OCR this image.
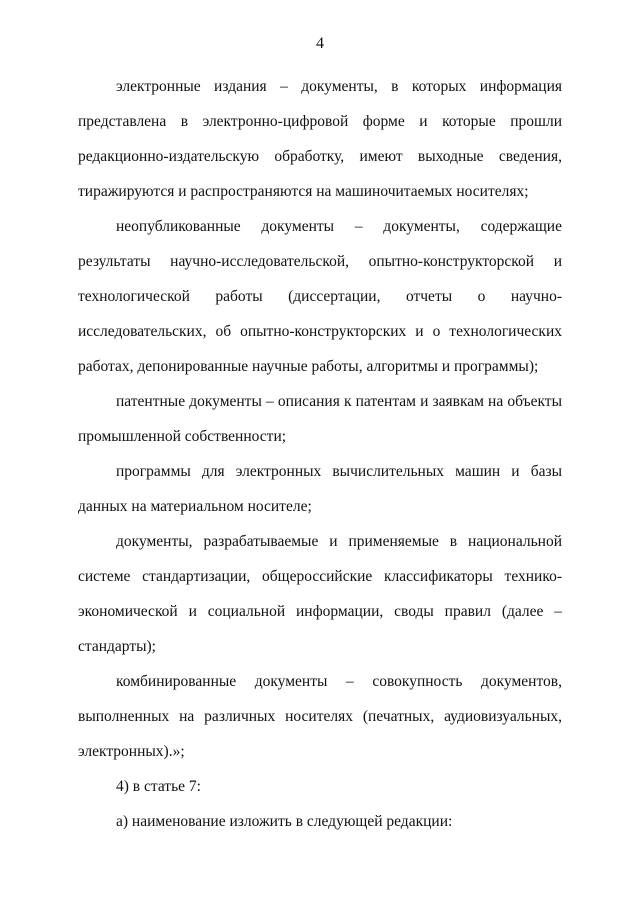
4

электронные издания – документы, в которых информация представлена в электронно-цифровой форме и которые прошли редакционно-издательскую обработку, имеют выходные сведения, тиражируются и распространяются на машиночитаемых носителях;

неопубликованные документы – документы, содержащие результаты научно-исследовательской, опытно-конструкторской и технологической работы (диссертации, отчеты о научно-исследовательских, об опытно-конструкторских и о технологических работах, депонированные научные работы, алгоритмы и программы);

патентные документы – описания к патентам и заявкам на объекты промышленной собственности;

программы для электронных вычислительных машин и базы данных на материальном носителе;

документы, разрабатываемые и применяемые в национальной системе стандартизации, общероссийские классификаторы технико-экономической и социальной информации, своды правил (далее – стандарты);

комбинированные документы – совокупность документов, выполненных на различных носителях (печатных, аудиовизуальных, электронных).»;

4) в статье 7:

а) наименование изложить в следующей редакции:
